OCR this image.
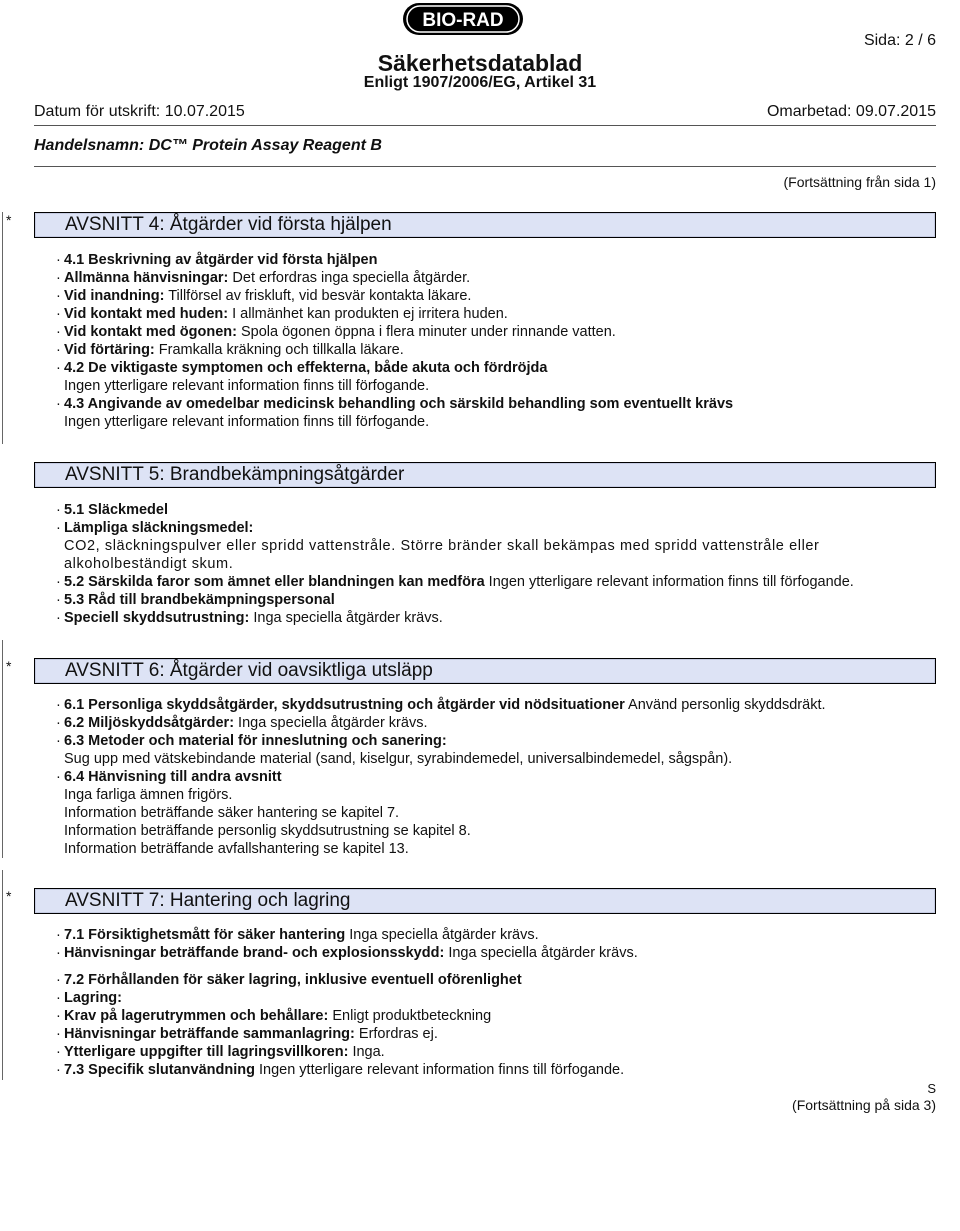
BIO-RAD
Sida: 2 / 6
Säkerhetsdatablad
Enligt 1907/2006/EG, Artikel 31
Datum för utskrift: 10.07.2015	Omarbetad: 09.07.2015
Handelsnamn: DC™ Protein Assay Reagent B
(Fortsättning från sida 1)
*	AVSNITT 4: Åtgärder vid första hjälpen
· 4.1 Beskrivning av åtgärder vid första hjälpen
· Allmänna hänvisningar: Det erfordras inga speciella åtgärder.
· Vid inandning: Tillförsel av friskluft, vid besvär kontakta läkare.
· Vid kontakt med huden: I allmänhet kan produkten ej irritera huden.
· Vid kontakt med ögonen: Spola ögonen öppna i flera minuter under rinnande vatten.
· Vid förtäring: Framkalla kräkning och tillkalla läkare.
· 4.2 De viktigaste symptomen och effekterna, både akuta och fördröjda
Ingen ytterligare relevant information finns till förfogande.
· 4.3 Angivande av omedelbar medicinsk behandling och särskild behandling som eventuellt krävs
Ingen ytterligare relevant information finns till förfogande.
AVSNITT 5: Brandbekämpningsåtgärder
· 5.1 Släckmedel
· Lämpliga släckningsmedel:
CO2, släckningspulver eller spridd vattenstråle. Större bränder skall bekämpas med spridd vattenstråle eller alkoholbeständigt skum.
· 5.2 Särskilda faror som ämnet eller blandningen kan medföra Ingen ytterligare relevant information finns till förfogande.
· 5.3 Råd till brandbekämpningspersonal
· Speciell skyddsutrustning: Inga speciella åtgärder krävs.
*	AVSNITT 6: Åtgärder vid oavsiktliga utsläpp
· 6.1 Personliga skyddsåtgärder, skyddsutrustning och åtgärder vid nödsituationer Använd personlig skyddsdräkt.
· 6.2 Miljöskyddsåtgärder: Inga speciella åtgärder krävs.
· 6.3 Metoder och material för inneslutning och sanering:
Sug upp med vätskebindande material (sand, kiselgur, syrabindemedel, universalbindemedel, sågspån).
· 6.4 Hänvisning till andra avsnitt
Inga farliga ämnen frigörs.
Information beträffande säker hantering se kapitel 7.
Information beträffande personlig skyddsutrustning se kapitel 8.
Information beträffande avfallshantering se kapitel 13.
*	AVSNITT 7: Hantering och lagring
· 7.1 Försiktighetsmått för säker hantering Inga speciella åtgärder krävs.
· Hänvisningar beträffande brand- och explosionsskydd: Inga speciella åtgärder krävs.
· 7.2 Förhållanden för säker lagring, inklusive eventuell oförenlighet
· Lagring:
· Krav på lagerutrymmen och behållare: Enligt produktbeteckning
· Hänvisningar beträffande sammanlagring: Erfordras ej.
· Ytterligare uppgifter till lagringsvillkoren: Inga.
· 7.3 Specifik slutanvändning Ingen ytterligare relevant information finns till förfogande.
S
(Fortsättning på sida 3)
